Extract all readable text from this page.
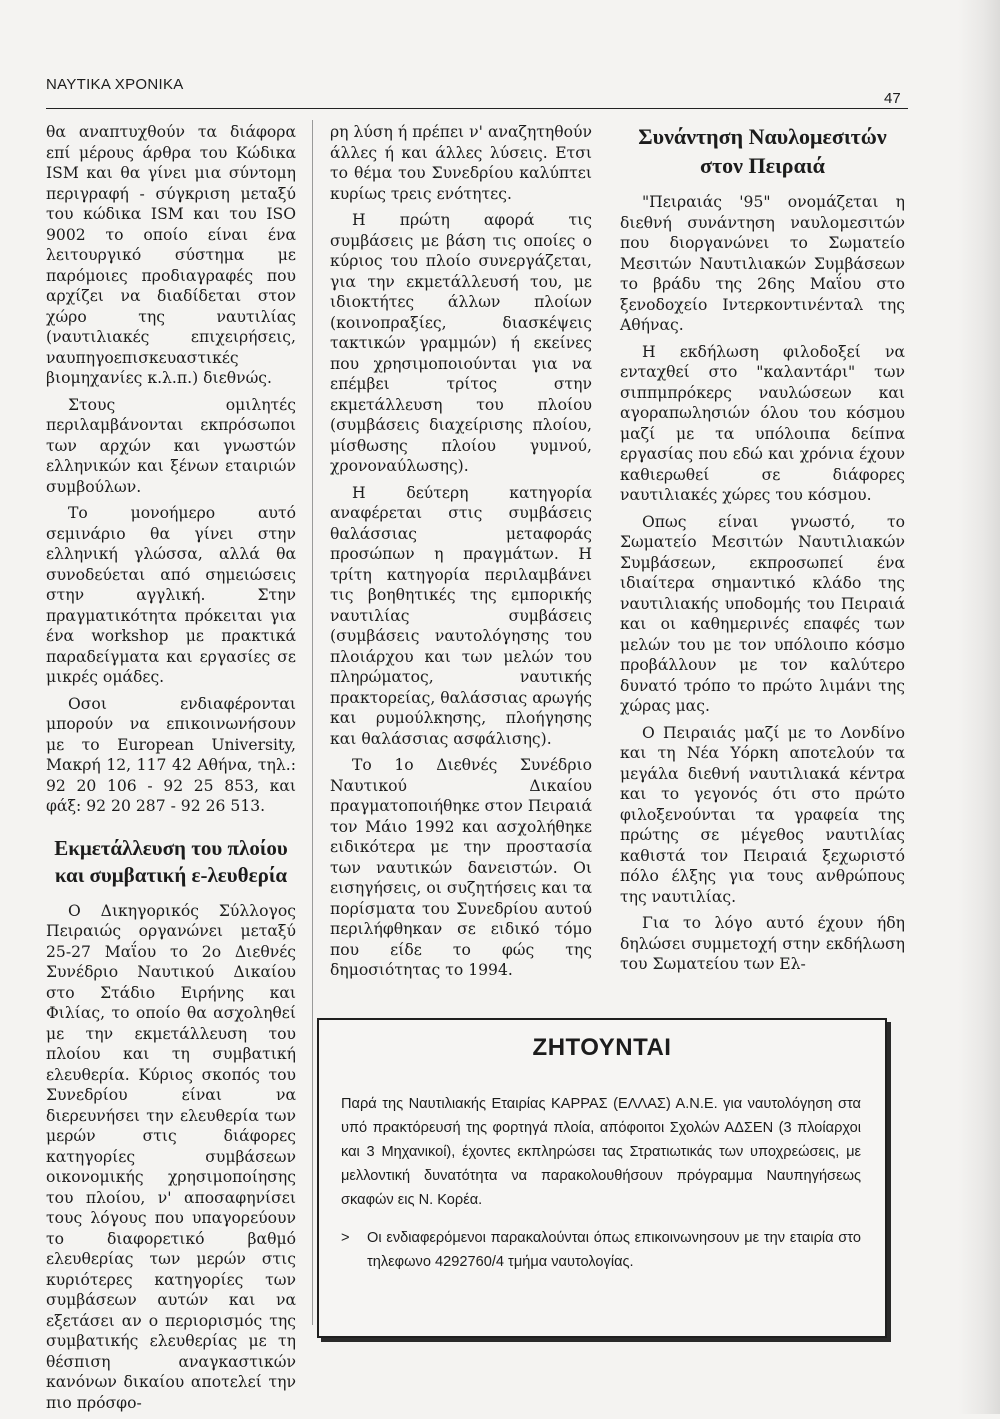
ΝΑΥΤΙΚΑ ΧΡΟΝΙΚΑ
47

θα αναπτυχθούν τα διάφορα επί μέρους άρθρα του Κώδικα ISM και θα γίνει μια σύντομη περιγραφή - σύγκριση μεταξύ του κώδικα ISM και του ISO 9002 το οποίο είναι ένα λειτουργικό σύστημα με παρόμοιες προδιαγραφές που αρχίζει να διαδίδεται στον χώρο της ναυτιλίας (ναυτιλιακές επιχειρήσεις, ναυπηγοεπισκευαστικές βιομηχανίες κ.λ.π.) διεθνώς.

Στους ομιλητές περιλαμβάνονται εκπρόσωποι των αρχών και γνωστών ελληνικών και ξένων εταιριών συμβούλων.

Το μονοήμερο αυτό σεμινάριο θα γίνει στην ελληνική γλώσσα, αλλά θα συνοδεύεται από σημειώσεις στην αγγλική. Στην πραγματικότητα πρόκειται για ένα workshop με πρακτικά παραδείγματα και εργασίες σε μικρές ομάδες.

Οσοι ενδιαφέρονται μπορούν να επικοινωνήσουν με το European University, Μακρή 12, 117 42 Αθήνα, τηλ.: 92 20 106 - 92 25 853, και φάξ: 92 20 287 - 92 26 513.

Εκμετάλλευση του πλοίου και συμβατική ε-λευθερία

Ο Δικηγορικός Σύλλογος Πειραιώς οργανώνει μεταξύ 25-27 Μαΐου το 2ο Διεθνές Συνέδριο Ναυτικού Δικαίου στο Στάδιο Ειρήνης και Φιλίας, το οποίο θα ασχοληθεί με την εκμετάλλευση του πλοίου και τη συμβατική ελευθερία. Κύριος σκοπός του Συνεδρίου είναι να διερευνήσει την ελευθερία των μερών στις διάφορες κατηγορίες συμβάσεων οικονομικής χρησιμοποίησης του πλοίου, ν' αποσαφηνίσει τους λόγους που υπαγορεύουν το διαφορετικό βαθμό ελευθερίας των μερών στις κυριότερες κατηγορίες των συμβάσεων αυτών και να εξετάσει αν ο περιορισμός της συμβατικής ελευθερίας με τη θέσπιση αναγκαστικών κανόνων δικαίου αποτελεί την πιο πρόσφο-

ρη λύση ή πρέπει ν' αναζητηθούν άλλες ή και άλλες λύσεις. Ετσι το θέμα του Συνεδρίου καλύπτει κυρίως τρεις ενότητες.

Η πρώτη αφορά τις συμβάσεις με βάση τις οποίες ο κύριος του πλοίο συνεργάζεται, για την εκμετάλλευσή του, με ιδιοκτήτες άλλων πλοίων (κοινοπραξίες, διασκέψεις τακτικών γραμμών) ή εκείνες που χρησιμοποιούνται για να επέμβει τρίτος στην εκμετάλλευση του πλοίου (συμβάσεις διαχείρισης πλοίου, μίσθωσης πλοίου γυμνού, χρονοναύλωσης).

Η δεύτερη κατηγορία αναφέρεται στις συμβάσεις θαλάσσιας μεταφοράς προσώπων η πραγμάτων. Η τρίτη κατηγορία περιλαμβάνει τις βοηθητικές της εμπορικής ναυτιλίας συμβάσεις (συμβάσεις ναυτολόγησης του πλοιάρχου και των μελών του πληρώματος, ναυτικής πρακτορείας, θαλάσσιας αρωγής και ρυμούλκησης, πλοήγησης και θαλάσσιας ασφάλισης).

Το 1ο Διεθνές Συνέδριο Ναυτικού Δικαίου πραγματοποιήθηκε στον Πειραιά τον Μάιο 1992 και ασχολήθηκε ειδικότερα με την προστασία των ναυτικών δανειστών. Οι εισηγήσεις, οι συζητήσεις και τα πορίσματα του Συνεδρίου αυτού περιλήφθηκαν σε ειδικό τόμο που είδε το φώς της δημοσιότητας το 1994.

Συνάντηση Ναυλομεσιτών στον Πειραιά

"Πειραιάς '95" ονομάζεται η διεθνή συνάντηση ναυλομεσιτών που διοργανώνει το Σωματείο Μεσιτών Ναυτιλιακών Συμβάσεων το βράδυ της 26ης Μαΐου στο ξενοδοχείο Ιντερκοντινένταλ της Αθήνας.

Η εκδήλωση φιλοδοξεί να ενταχθεί στο "καλαντάρι" των σιππμπρόκερς ναυλώσεων και αγοραπωλησιών όλου του κόσμου μαζί με τα υπόλοιπα δείπνα εργασίας που εδώ και χρόνια έχουν καθιερωθεί σε διάφορες ναυτιλιακές χώρες του κόσμου.

Οπως είναι γνωστό, το Σωματείο Μεσιτών Ναυτιλιακών Συμβάσεων, εκπροσωπεί ένα ιδιαίτερα σημαντικό κλάδο της ναυτιλιακής υποδομής του Πειραιά και οι καθημερινές επαφές των μελών του με τον υπόλοιπο κόσμο προβάλλουν με τον καλύτερο δυνατό τρόπο το πρώτο λιμάνι της χώρας μας.

Ο Πειραιάς μαζί με το Λονδίνο και τη Νέα Υόρκη αποτελούν τα μεγάλα διεθνή ναυτιλιακά κέντρα και το γεγονός ότι στο πρώτο φιλοξενούνται τα γραφεία της πρώτης σε μέγεθος ναυτιλίας καθιστά τον Πειραιά ξεχωριστό πόλο έλξης για τους ανθρώπους της ναυτιλίας.

Για το λόγο αυτό έχουν ήδη δηλώσει συμμετοχή στην εκδήλωση του Σωματείου των Ελ-

ΖΗΤΟΥΝΤΑΙ
Παρά της Ναυτιλιακής Εταιρίας ΚΑΡΡΑΣ (ΕΛΛΑΣ) Α.Ν.Ε. για ναυτολόγηση στα υπό πρακτόρευσή της φορτηγά πλοία, απόφοιτοι Σχολών ΑΔΣΕΝ (3 πλοίαρχοι και 3 Μηχανικοί), έχοντες εκπληρώσει τας Στρατιωτικάς των υποχρεώσεις, με μελλοντική δυνατότητα να παρακολουθήσουν πρόγραμμα Ναυπηγήσεως σκαφών εις Ν. Κορέα.
>	Οι ενδιαφερόμενοι παρακαλούνται όπως επικοινωνησουν με την εταιρία στο τηλεφωνο 4292760/4 τμήμα ναυτολογίας.
